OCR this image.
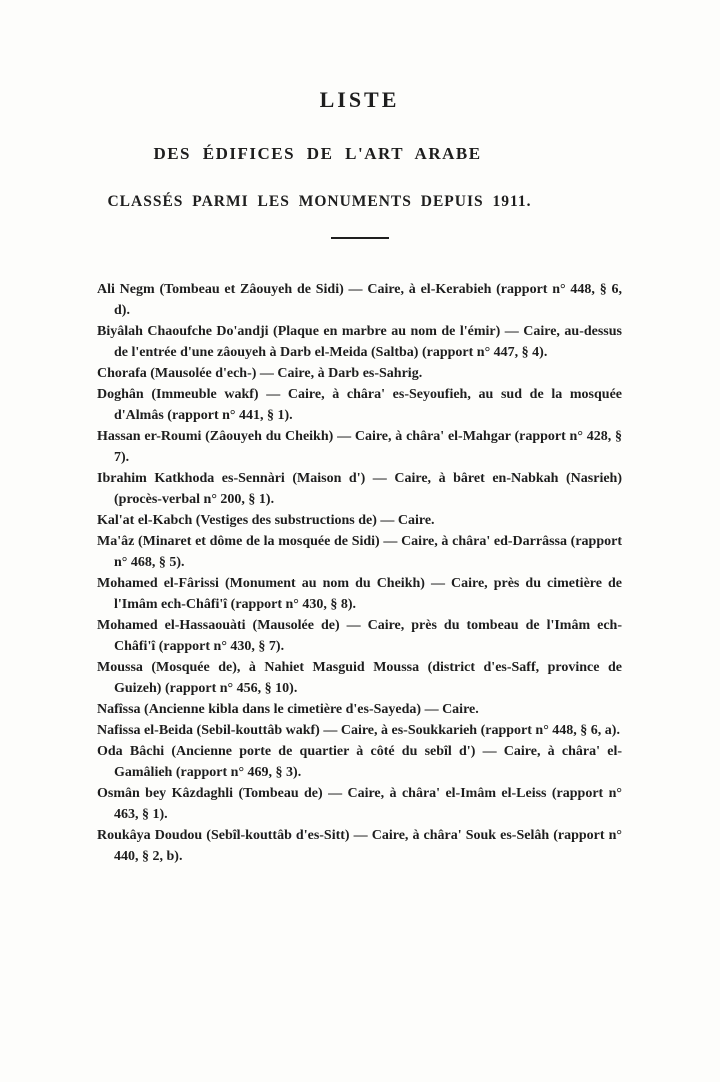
LISTE
DES ÉDIFICES DE L'ART ARABE
CLASSÉS PARMI LES MONUMENTS DEPUIS 1911.

Ali Negm (Tombeau et Zâouyeh de Sidi) — Caire, à el-Kerabieh (rapport n° 448, § 6, d).

Biyâlah Chaoufche Do'andji (Plaque en marbre au nom de l'émir) — Caire, au-dessus de l'entrée d'une zâouyeh à Darb el-Meida (Saltba) (rapport n° 447, § 4).

Chorafa (Mausolée d'ech-) — Caire, à Darb es-Sahrig.

Doghân (Immeuble wakf) — Caire, à châra' es-Seyoufieh, au sud de la mosquée d'Almâs (rapport n° 441, § 1).

Hassan er-Roumi (Zâouyeh du Cheikh) — Caire, à châra' el-Mahgar (rapport n° 428, § 7).

Ibrahim Katkhoda es-Sennàri (Maison d') — Caire, à bâret en-Nabkah (Nasrieh) (procès-verbal n° 200, § 1).

Kal'at el-Kabch (Vestiges des substructions de) — Caire.

Ma'âz (Minaret et dôme de la mosquée de Sidi) — Caire, à châra' ed-Darrâssa (rapport n° 468, § 5).

Mohamed el-Fârissi (Monument au nom du Cheikh) — Caire, près du cimetière de l'Imâm ech-Châfi'î (rapport n° 430, § 8).

Mohamed el-Hassaouàti (Mausolée de) — Caire, près du tombeau de l'Imâm ech-Châfi'î (rapport n° 430, § 7).

Moussa (Mosquée de), à Nahiet Masguid Moussa (district d'es-Saff, province de Guizeh) (rapport n° 456, § 10).

Nafîssa (Ancienne kibla dans le cimetière d'es-Sayeda) — Caire.

Nafissa el-Beida (Sebil-kouttâb wakf) — Caire, à es-Soukkarieh (rapport n° 448, § 6, a).

Oda Bâchi (Ancienne porte de quartier à côté du sebîl d') — Caire, à châra' el-Gamâlieh (rapport n° 469, § 3).

Osmân bey Kâzdaghli (Tombeau de) — Caire, à châra' el-Imâm el-Leiss (rapport n° 463, § 1).

Roukâya Doudou (Sebîl-kouttâb d'es-Sitt) — Caire, à châra' Souk es-Selâh (rapport n° 440, § 2, b).
